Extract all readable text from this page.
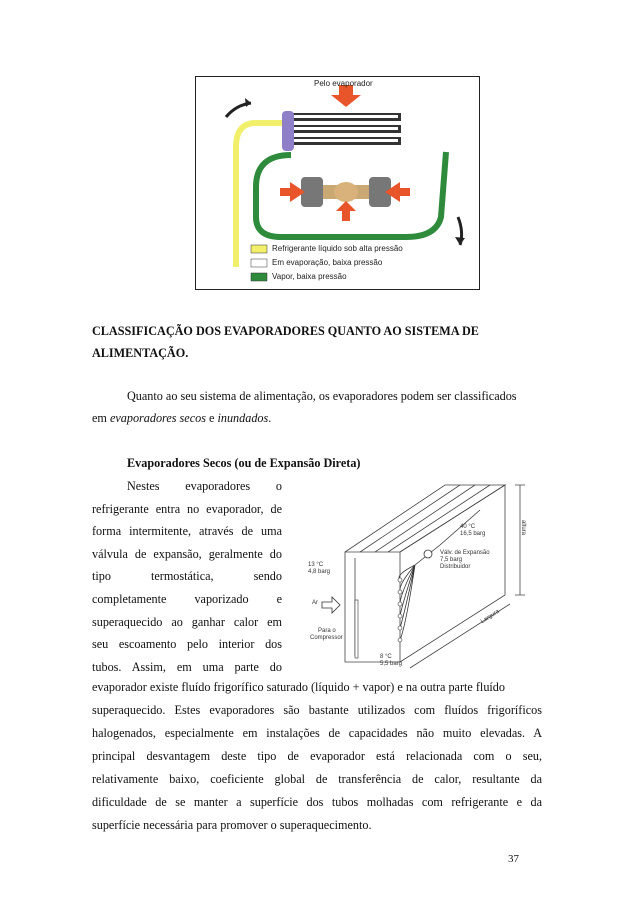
Pelo evaporador
Refrigerante líquido sob alta pressão
Em evaporação, baixa pressão
Vapor, baixa pressão
CLASSIFICAÇÃO DOS EVAPORADORES QUANTO AO SISTEMA DE
ALIMENTAÇÃO.
Quanto ao seu sistema de alimentação, os evaporadores podem ser classificados
em evaporadores secos e inundados.
Evaporadores Secos (ou de Expansão Direta)
Nestes evaporadores o
refrigerante entra no evaporador, de
forma intermitente, através de uma
válvula de expansão, geralmente do
tipo termostática, sendo
completamente vaporizado e
superaquecido ao ganhar calor em
seu escoamento pelo interior dos
tubos. Assim, em uma parte do
40 °C
16,5 barg
Válv. de Expansão
7,5 barg
Distribuidor
13 °C
4,8 barg
Ar
Para o
Compressor
8 °C
5,5 barg
altura
Largura
evaporador existe fluído frigorífico saturado (líquido + vapor) e na outra parte fluído
superaquecido. Estes evaporadores são bastante utilizados com fluídos frigoríficos
halogenados, especialmente em instalações de capacidades não muito elevadas. A
principal desvantagem deste tipo de evaporador está relacionada com o seu,
relativamente baixo, coeficiente global de transferência de calor, resultante da
dificuldade de se manter a superfície dos tubos molhadas com refrigerante e da
superfície necessária para promover o superaquecimento.
37
